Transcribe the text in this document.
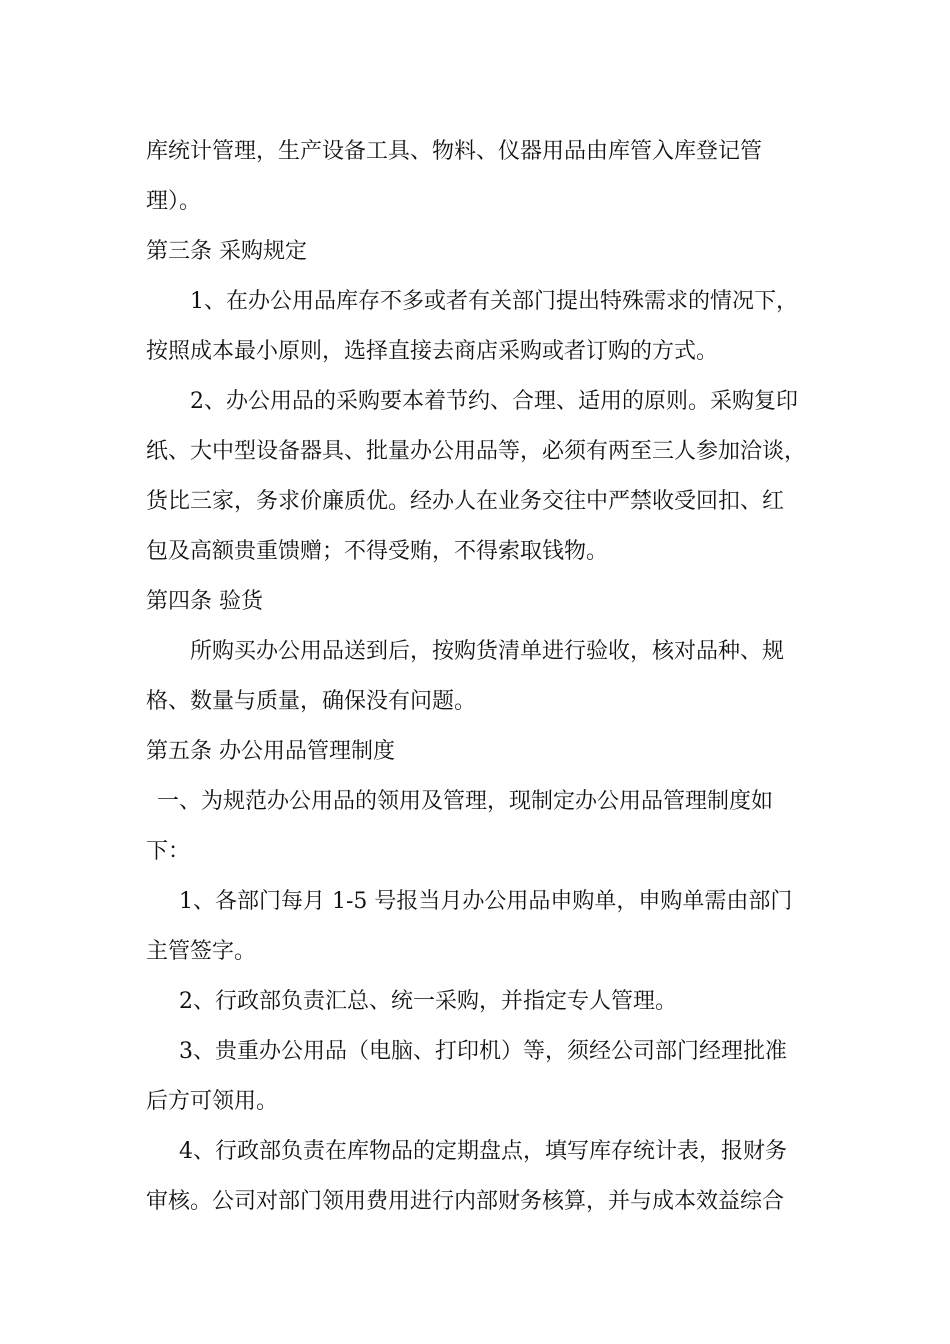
库统计管理，生产设备工具、物料、仪器用品由库管入库登记管
理）。
第三条 采购规定
1、在办公用品库存不多或者有关部门提出特殊需求的情况下，
按照成本最小原则，选择直接去商店采购或者订购的方式。
2、办公用品的采购要本着节约、合理、适用的原则。采购复印
纸、大中型设备器具、批量办公用品等，必须有两至三人参加洽谈，
货比三家，务求价廉质优。经办人在业务交往中严禁收受回扣、红
包及高额贵重馈赠；不得受贿，不得索取钱物。
第四条 验货
所购买办公用品送到后，按购货清单进行验收，核对品种、规
格、数量与质量，确保没有问题。
第五条 办公用品管理制度
一、为规范办公用品的领用及管理，现制定办公用品管理制度如
下：
1、各部门每月 1-5 号报当月办公用品申购单，申购单需由部门
主管签字。
2、行政部负责汇总、统一采购，并指定专人管理。
3、贵重办公用品（电脑、打印机）等，须经公司部门经理批准
后方可领用。
4、行政部负责在库物品的定期盘点，填写库存统计表，报财务
审核。公司对部门领用费用进行内部财务核算，并与成本效益综合
